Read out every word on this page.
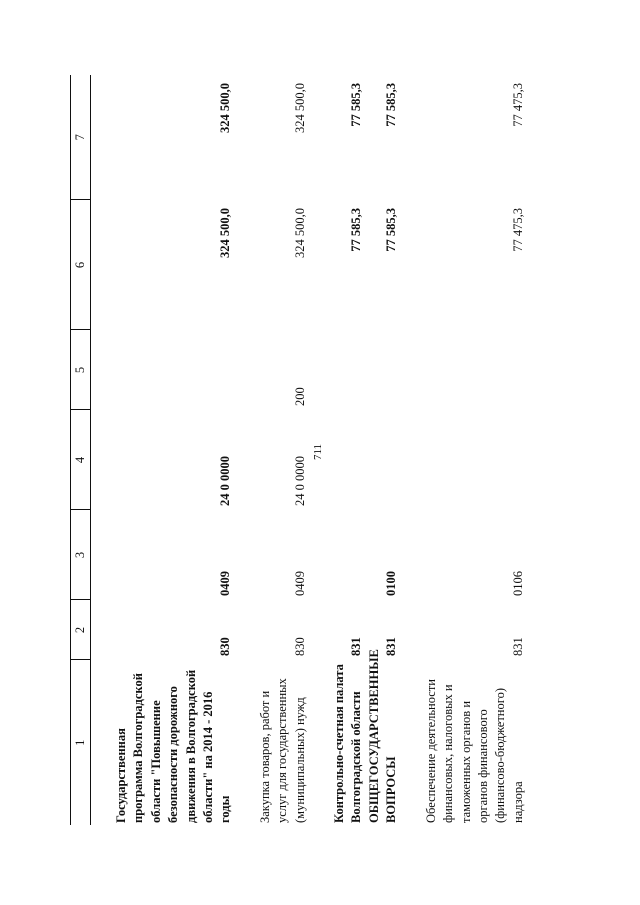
711
1	2	3	4	5	6	7

Государственная программа Волгоградской области "Повышение безопасности дорожного движения в Волгоградской области" на 2014 - 2016 годы	830	0409	24 0 0000		324 500,0	324 500,0

Закупка товаров, работ и услуг для государственных (муниципальных) нужд	830	0409	24 0 0000	200	324 500,0	324 500,0

Контрольно-счетная палата Волгоградской области	831				77 585,3	77 585,3
ОБЩЕГОСУДАРСТВЕННЫЕ ВОПРОСЫ	831	0100			77 585,3	77 585,3

Обеспечение деятельности финансовых, налоговых и таможенных органов и органов финансового (финансово-бюджетного) надзора	831	0106			77 475,3	77 475,3
